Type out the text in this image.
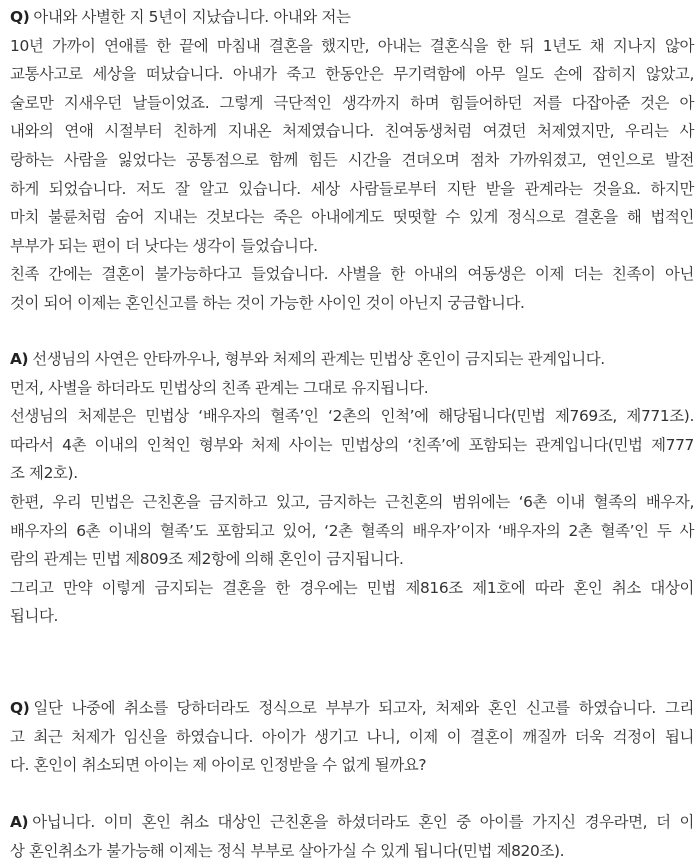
Q) 아내와 사별한 지 5년이 지났습니다. 아내와 저는
10년 가까이 연애를 한 끝에 마침내 결혼을 했지만, 아내는 결혼식을 한 뒤 1년도 채 지나지 않아
교통사고로 세상을 떠났습니다. 아내가 죽고 한동안은 무기력함에 아무 일도 손에 잡히지 않았고,
술로만 지새우던 날들이었죠. 그렇게 극단적인 생각까지 하며 힘들어하던 저를 다잡아준 것은 아
내와의 연애 시절부터 친하게 지내온 처제였습니다. 친여동생처럼 여겼던 처제였지만, 우리는 사
랑하는 사람을 잃었다는 공통점으로 함께 힘든 시간을 견뎌오며 점차 가까워졌고, 연인으로 발전
하게 되었습니다. 저도 잘 알고 있습니다. 세상 사람들로부터 지탄 받을 관계라는 것을요. 하지만
마치 불륜처럼 숨어 지내는 것보다는 죽은 아내에게도 떳떳할 수 있게 정식으로 결혼을 해 법적인
부부가 되는 편이 더 낫다는 생각이 들었습니다.
친족 간에는 결혼이 불가능하다고 들었습니다. 사별을 한 아내의 여동생은 이제 더는 친족이 아닌
것이 되어 이제는 혼인신고를 하는 것이 가능한 사이인 것이 아닌지 궁금합니다.
A) 선생님의 사연은 안타까우나, 형부와 처제의 관계는 민법상 혼인이 금지되는 관계입니다.
먼저, 사별을 하더라도 민법상의 친족 관계는 그대로 유지됩니다.
선생님의 처제분은 민법상 ‘배우자의 혈족’인 ‘2촌의 인척’에 해당됩니다(민법 제769조, 제771조).
따라서 4촌 이내의 인척인 형부와 처제 사이는 민법상의 ‘친족’에 포함되는 관계입니다(민법 제777
조 제2호).
한편, 우리 민법은 근친혼을 금지하고 있고, 금지하는 근친혼의 범위에는 ‘6촌 이내 혈족의 배우자,
배우자의 6촌 이내의 혈족’도 포함되고 있어, ‘2촌 혈족의 배우자’이자 ‘배우자의 2촌 혈족’인 두 사
람의 관계는 민법 제809조 제2항에 의해 혼인이 금지됩니다.
그리고 만약 이렇게 금지되는 결혼을 한 경우에는 민법 제816조 제1호에 따라 혼인 취소 대상이
됩니다.
Q) 일단 나중에 취소를 당하더라도 정식으로 부부가 되고자, 처제와 혼인 신고를 하였습니다. 그리
고 최근 처제가 임신을 하였습니다. 아이가 생기고 나니, 이제 이 결혼이 깨질까 더욱 걱정이 됩니
다. 혼인이 취소되면 아이는 제 아이로 인정받을 수 없게 될까요?
A) 아닙니다. 이미 혼인 취소 대상인 근친혼을 하셨더라도 혼인 중 아이를 가지신 경우라면, 더 이
상 혼인취소가 불가능해 이제는 정식 부부로 살아가실 수 있게 됩니다(민법 제820조).
